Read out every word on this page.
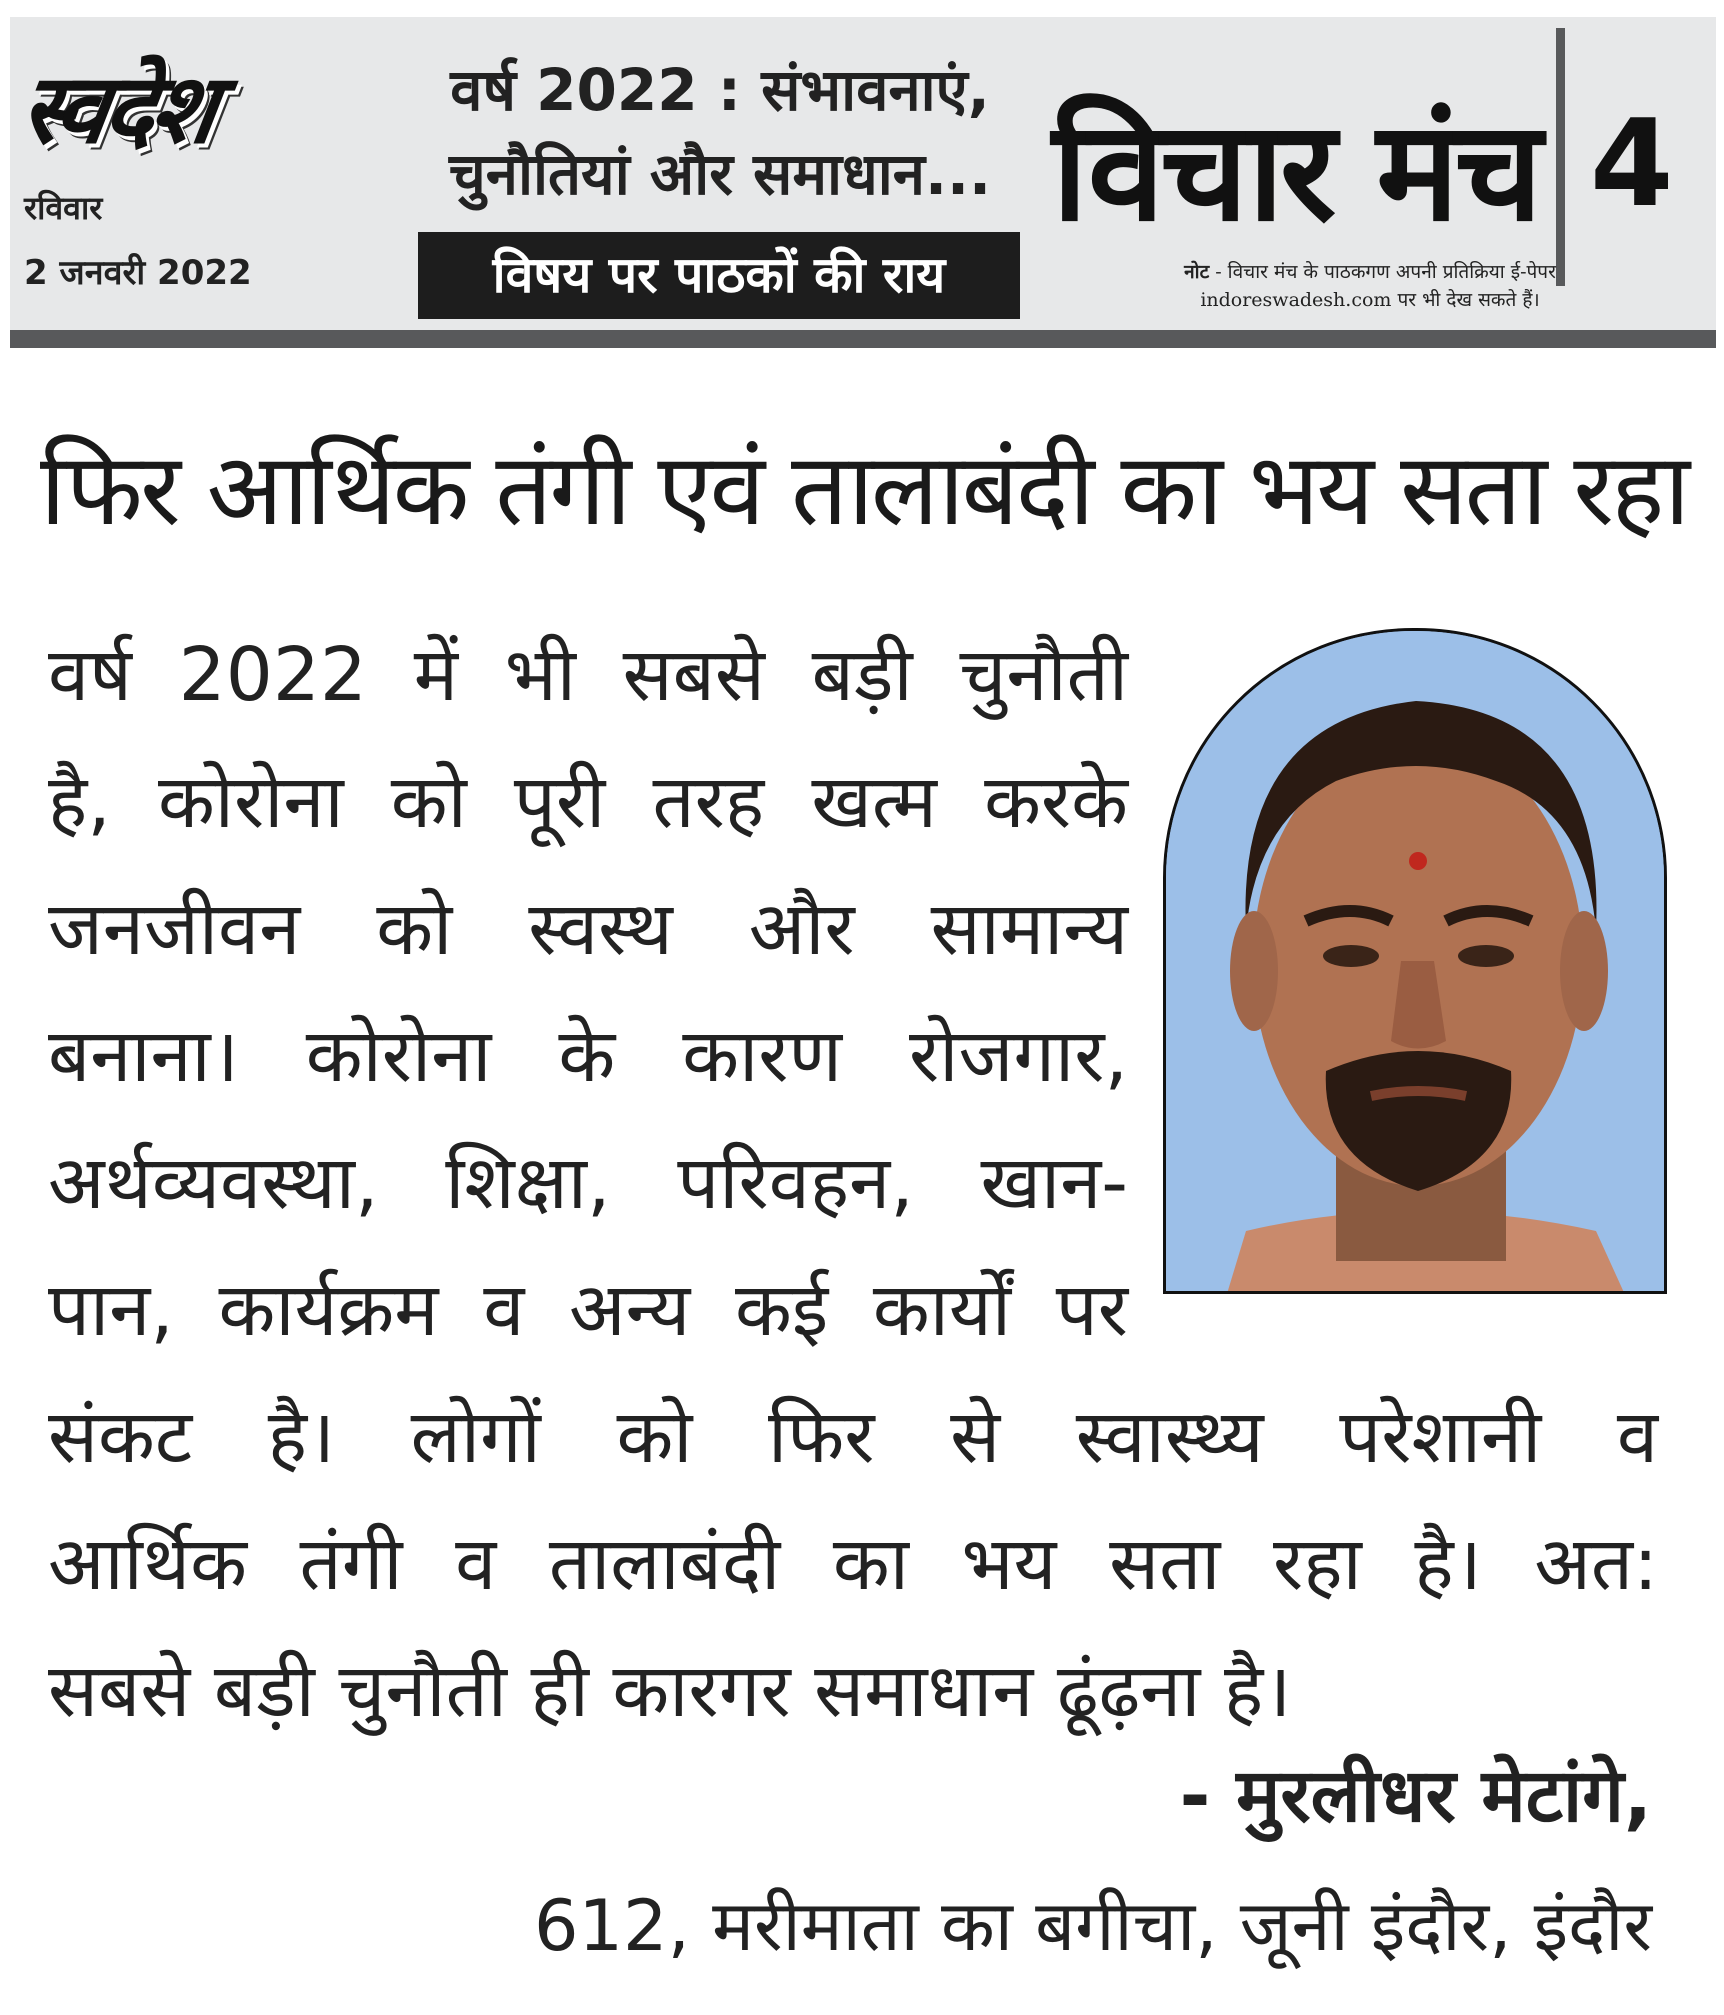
स्वदेश
रविवार
2 जनवरी 2022
वर्ष 2022 : संभावनाएं,
चुनौतियां और समाधान...
विषय पर पाठकों की राय
विचार मंच 4
नोट - विचार मंच के पाठकगण अपनी प्रतिक्रिया ई-पेपर
indoreswadesh.com पर भी देख सकते हैं।
फिर आर्थिक तंगी एवं तालाबंदी का भय सता रहा

वर्ष 2022 में भी सबसे बड़ी चुनौती

है, कोरोना को पूरी तरह खत्म करके

जनजीवन को स्वस्थ और सामान्य

बनाना। कोरोना के कारण रोजगार,

अर्थव्यवस्था, शिक्षा, परिवहन, खान-

पान, कार्यक्रम व अन्य कई कार्यों पर

संकट है। लोगों को फिर से स्वास्थ्य परेशानी व

आर्थिक तंगी व तालाबंदी का भय सता रहा है। अत:

सबसे बड़ी चुनौती ही कारगर समाधान ढूंढ़ना है।

- मुरलीधर मेटांगे,
612, मरीमाता का बगीचा, जूनी इंदौर, इंदौर
